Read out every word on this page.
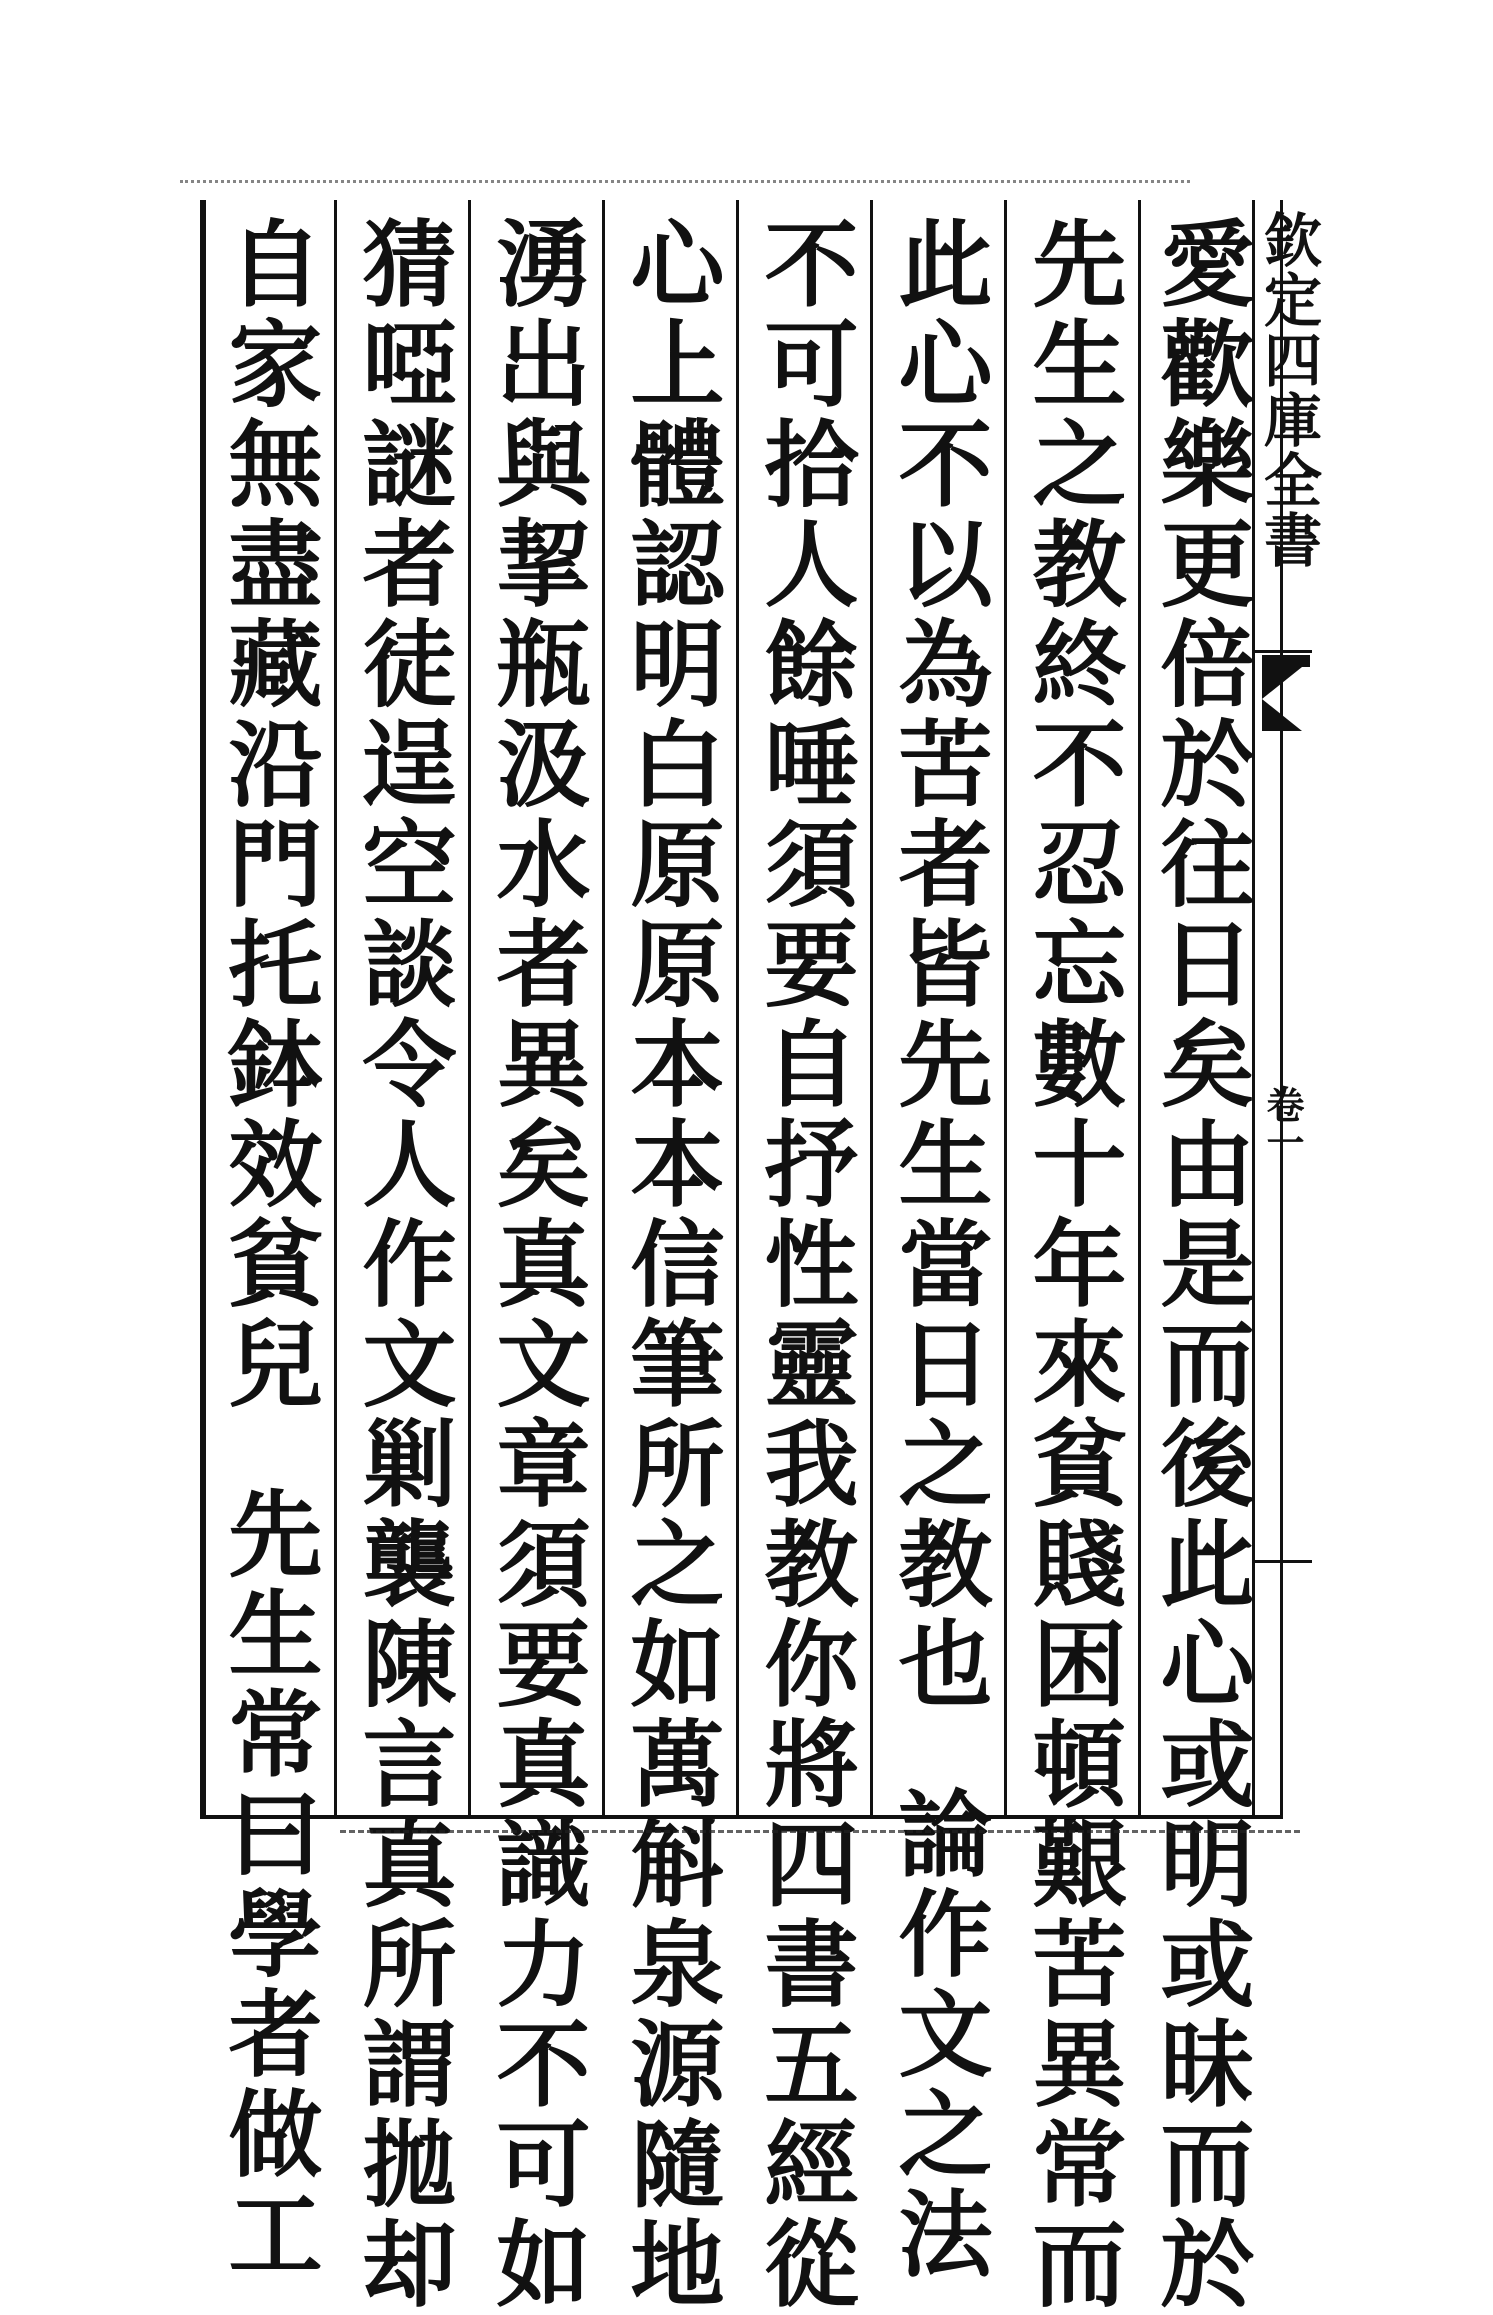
愛歡樂更倍於往日矣由是而後此心或明或昧而於
先生之教終不忍忘數十年來貧賤困頓艱苦異常而
此心不以為苦者皆先生當日之教也
論作文之法
不可拾人餘唾須要自抒性靈我教你將四書五經從
心上體認明白原原本本信筆所之如萬斛泉源隨地
湧出與挈瓶汲水者異矣真文章須要真識力不可如
猜啞謎者徒逞空談令人作文剿襲陳言真所謂拋却
自家無盡藏沿門托鉢效貧兒
先生常曰學者做工
欽定四庫全書
卷一
